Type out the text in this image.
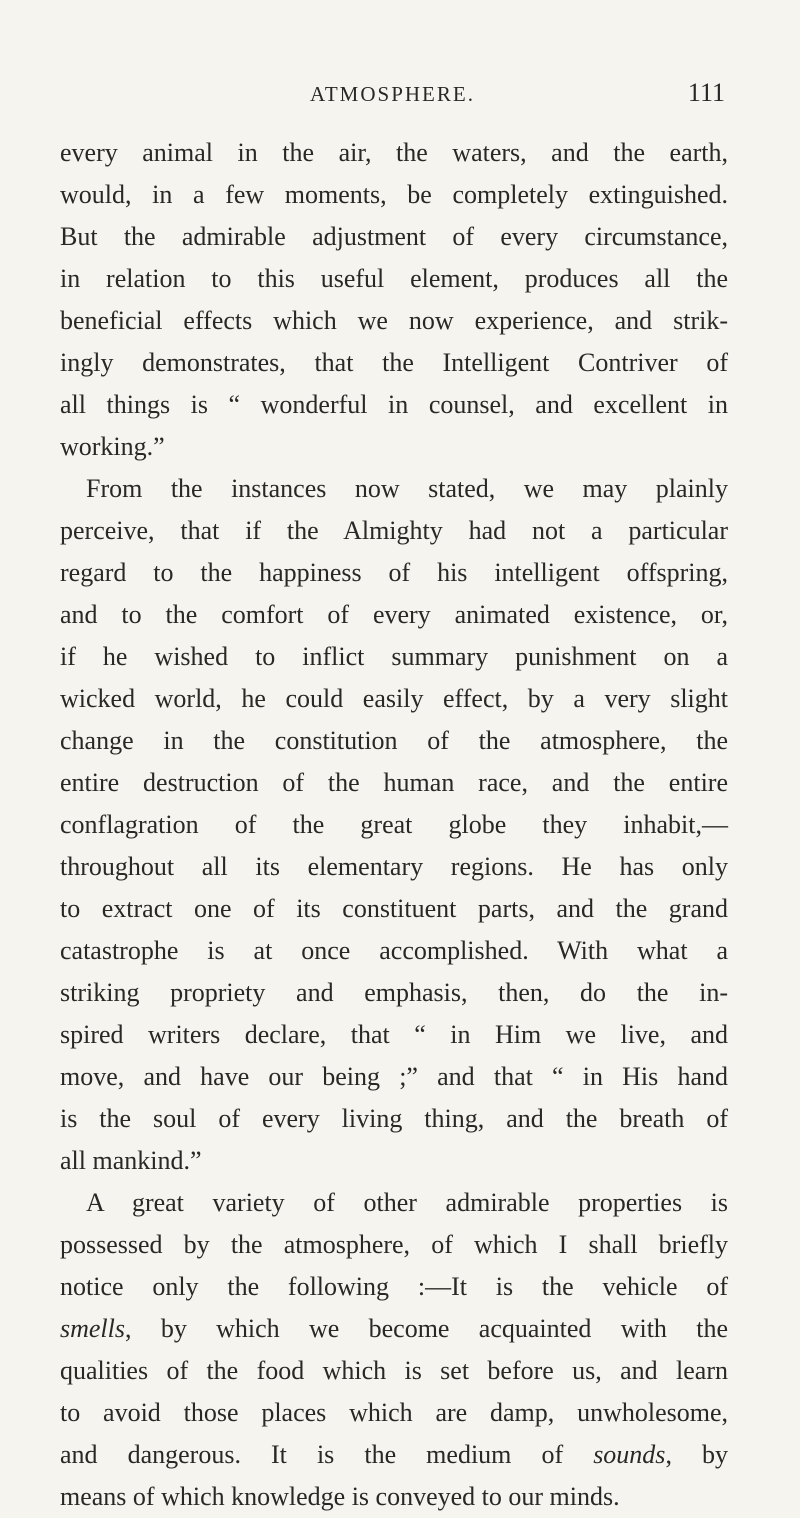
ATMOSPHERE.	111
every animal in the air, the waters, and the earth,
would, in a few moments, be completely extinguished.
But the admirable adjustment of every circumstance,
in relation to this useful element, produces all the
beneficial effects which we now experience, and strik-
ingly demonstrates, that the Intelligent Contriver of
all things is “ wonderful in counsel, and excellent in
working.”
From the instances now stated, we may plainly
perceive, that if the Almighty had not a particular
regard to the happiness of his intelligent offspring,
and to the comfort of every animated existence, or,
if he wished to inflict summary punishment on a
wicked world, he could easily effect, by a very slight
change in the constitution of the atmosphere, the
entire destruction of the human race, and the entire
conflagration of the great globe they inhabit,—
throughout all its elementary regions. He has only
to extract one of its constituent parts, and the grand
catastrophe is at once accomplished. With what a
striking propriety and emphasis, then, do the in-
spired writers declare, that “ in Him we live, and
move, and have our being ;” and that “ in His hand
is the soul of every living thing, and the breath of
all mankind.”
A great variety of other admirable properties is
possessed by the atmosphere, of which I shall briefly
notice only the following :—It is the vehicle of
smells, by which we become acquainted with the
qualities of the food which is set before us, and learn
to avoid those places which are damp, unwholesome,
and dangerous. It is the medium of sounds, by
means of which knowledge is conveyed to our minds.
